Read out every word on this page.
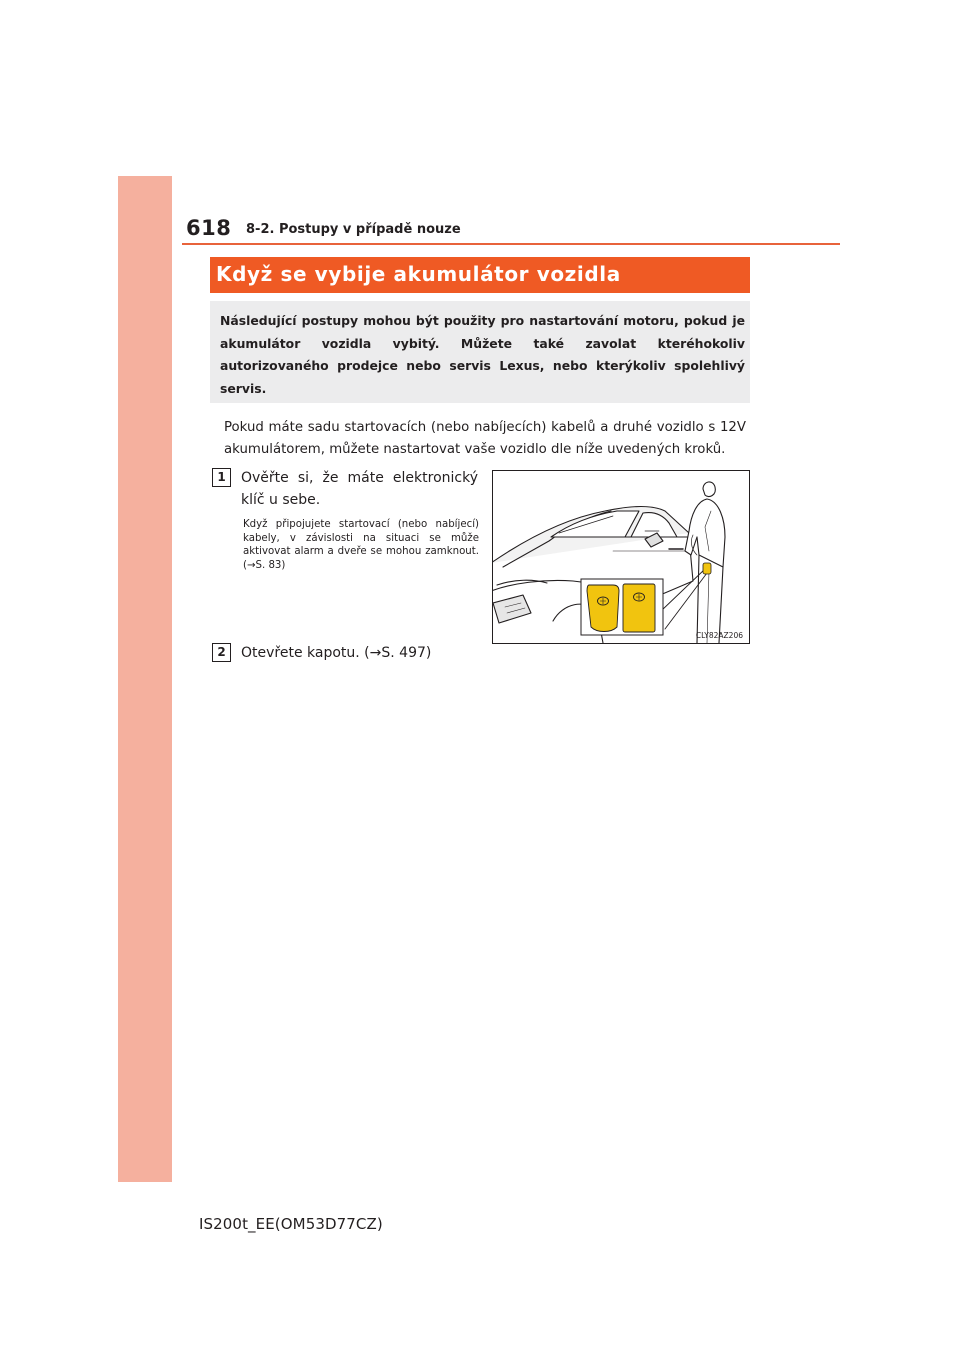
618 8-2. Postupy v případě nouze
Když se vybije akumulátor vozidla
Následující postupy mohou být použity pro nastartování motoru, pokud je akumulátor vozidla vybitý. Můžete také zavolat kteréhokoliv autorizovaného prodejce nebo servis Lexus, nebo kterýkoliv spolehlivý servis.
Pokud máte sadu startovacích (nebo nabíjecích) kabelů a druhé vozidlo s 12V akumulátorem, můžete nastartovat vaše vozidlo dle níže uvedených kroků.
1	Ověřte si, že máte elektronický klíč u sebe.
Když připojujete startovací (nebo nabíjecí) kabely, v závislosti na situaci se může aktivovat alarm a dveře se mohou zamknout. (→S. 83)
CLY82AZ206
2	Otevřete kapotu. (→S. 497)
IS200t_EE(OM53D77CZ)
